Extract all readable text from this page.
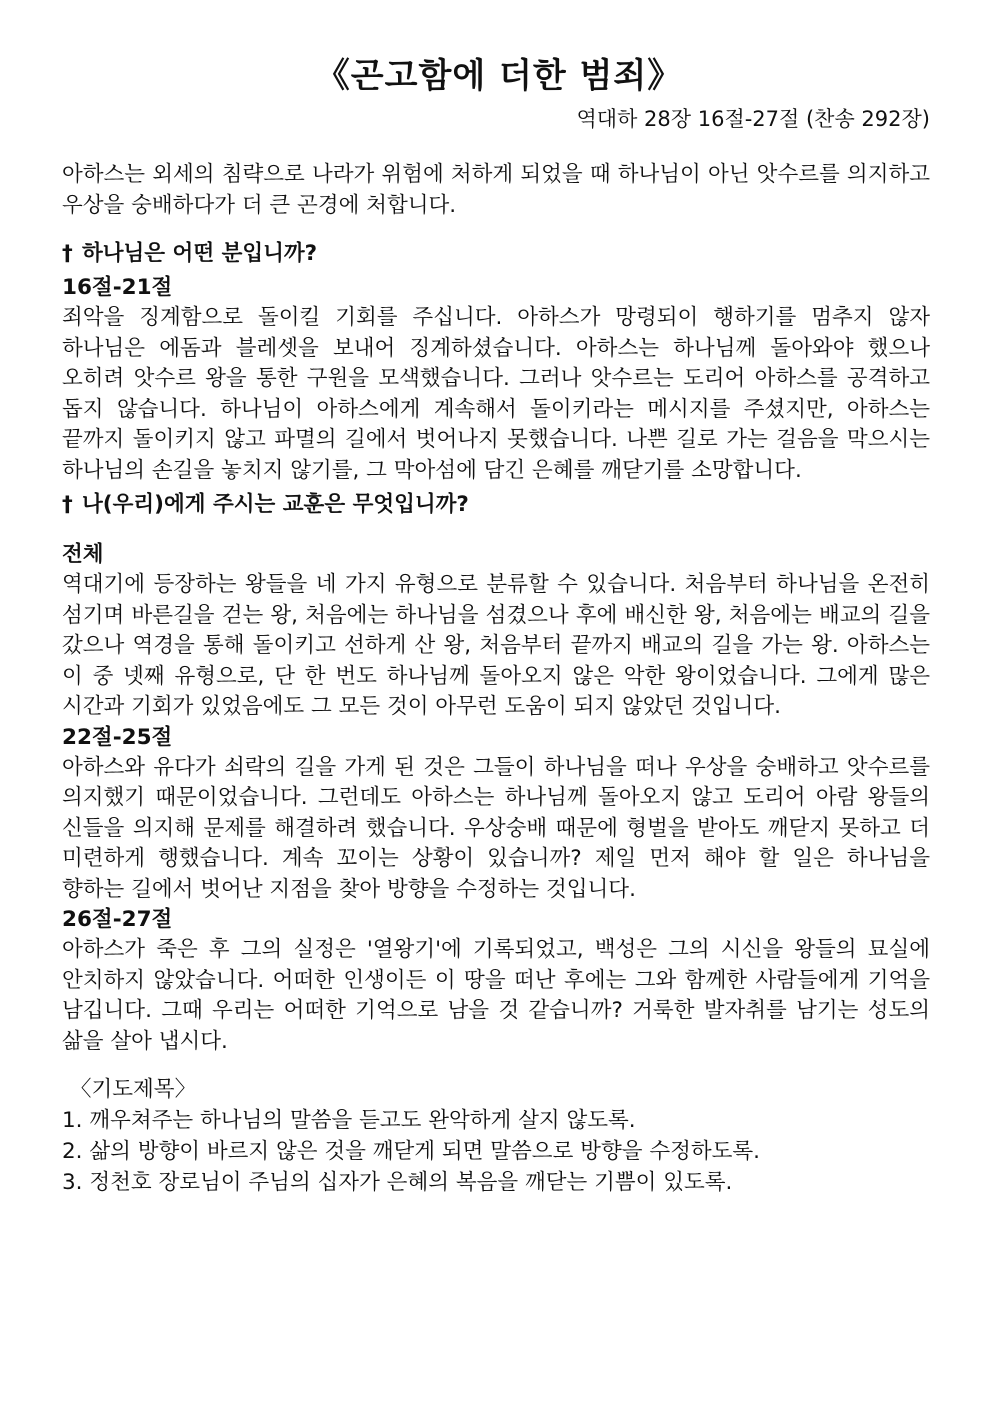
《곤고함에 더한 범죄》

역대하 28장 16절-27절 (찬송 292장)

아하스는 외세의 침략으로 나라가 위험에 처하게 되었을 때 하나님이 아닌 앗수르를 의지하고 우상을 숭배하다가 더 큰 곤경에 처합니다.

† 하나님은 어떤 분입니까?

16절-21절

죄악을 징계함으로 돌이킬 기회를 주십니다. 아하스가 망령되이 행하기를 멈추지 않자 하나님은 에돔과 블레셋을 보내어 징계하셨습니다. 아하스는 하나님께 돌아와야 했으나 오히려 앗수르 왕을 통한 구원을 모색했습니다. 그러나 앗수르는 도리어 아하스를 공격하고 돕지 않습니다. 하나님이 아하스에게 계속해서 돌이키라는 메시지를 주셨지만, 아하스는 끝까지 돌이키지 않고 파멸의 길에서 벗어나지 못했습니다. 나쁜 길로 가는 걸음을 막으시는 하나님의 손길을 놓치지 않기를, 그 막아섬에 담긴 은혜를 깨닫기를 소망합니다.

† 나(우리)에게 주시는 교훈은 무엇입니까?

전체

역대기에 등장하는 왕들을 네 가지 유형으로 분류할 수 있습니다. 처음부터 하나님을 온전히 섬기며 바른길을 걷는 왕, 처음에는 하나님을 섬겼으나 후에 배신한 왕, 처음에는 배교의 길을 갔으나 역경을 통해 돌이키고 선하게 산 왕, 처음부터 끝까지 배교의 길을 가는 왕. 아하스는 이 중 넷째 유형으로, 단 한 번도 하나님께 돌아오지 않은 악한 왕이었습니다. 그에게 많은 시간과 기회가 있었음에도 그 모든 것이 아무런 도움이 되지 않았던 것입니다.

22절-25절

아하스와 유다가 쇠락의 길을 가게 된 것은 그들이 하나님을 떠나 우상을 숭배하고 앗수르를 의지했기 때문이었습니다. 그런데도 아하스는 하나님께 돌아오지 않고 도리어 아람 왕들의 신들을 의지해 문제를 해결하려 했습니다. 우상숭배 때문에 형벌을 받아도 깨닫지 못하고 더 미련하게 행했습니다. 계속 꼬이는 상황이 있습니까? 제일 먼저 해야 할 일은 하나님을 향하는 길에서 벗어난 지점을 찾아 방향을 수정하는 것입니다.

26절-27절

아하스가 죽은 후 그의 실정은 '열왕기'에 기록되었고, 백성은 그의 시신을 왕들의 묘실에 안치하지 않았습니다. 어떠한 인생이든 이 땅을 떠난 후에는 그와 함께한 사람들에게 기억을 남깁니다. 그때 우리는 어떠한 기억으로 남을 것 같습니까? 거룩한 발자취를 남기는 성도의 삶을 살아 냅시다.

〈기도제목〉

1. 깨우쳐주는 하나님의 말씀을 듣고도 완악하게 살지 않도록.
2. 삶의 방향이 바르지 않은 것을 깨닫게 되면 말씀으로 방향을 수정하도록.
3. 정천호 장로님이 주님의 십자가 은혜의 복음을 깨닫는 기쁨이 있도록.
